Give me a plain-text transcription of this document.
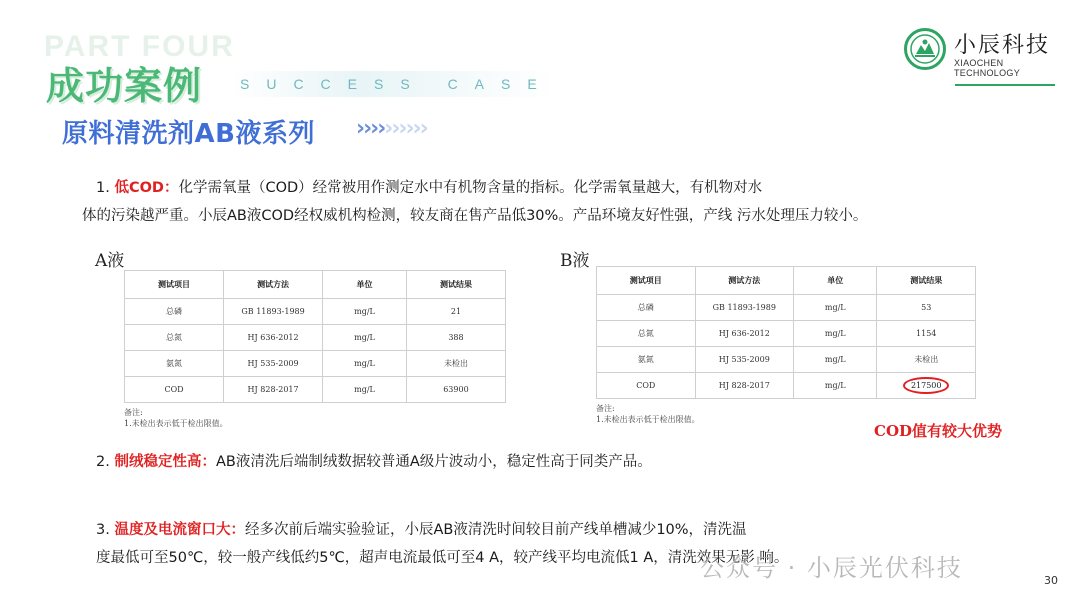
PART FOUR
成功案例	SUCCESS CASE
原料清洗剂AB液系列 ››››››››››
小辰科技
XIAOCHEN TECHNOLOGY
1. 低COD：化学需氧量（COD）经常被用作测定水中有机物含量的指标。化学需氧量越大，有机物对水
体的污染越严重。小辰AB液COD经权威机构检测，较友商在售产品低30%。产品环境友好性强，产线 污水处理压力较小。
A液
测试项目	测试方法	单位	测试结果
总磷	GB 11893-1989	mg/L	21
总氮	HJ 636-2012	mg/L	388
氨氮	HJ 535-2009	mg/L	未检出
COD	HJ 828-2017	mg/L	63900
备注:
1.未检出表示低于检出限值。
B液
测试项目	测试方法	单位	测试结果
总磷	GB 11893-1989	mg/L	53
总氮	HJ 636-2012	mg/L	1154
氨氮	HJ 535-2009	mg/L	未检出
COD	HJ 828-2017	mg/L	217500
备注:
1.未检出表示低于检出限值。
COD值有较大优势
2. 制绒稳定性高：AB液清洗后端制绒数据较普通A级片波动小，稳定性高于同类产品。
3. 温度及电流窗口大：经多次前后端实验验证，小辰AB液清洗时间较目前产线单槽减少10%，清洗温
度最低可至50℃，较一般产线低约5℃，超声电流最低可至4 A，较产线平均电流低1 A，清洗效果无影 响。
公众号 · 小辰光伏科技	30
